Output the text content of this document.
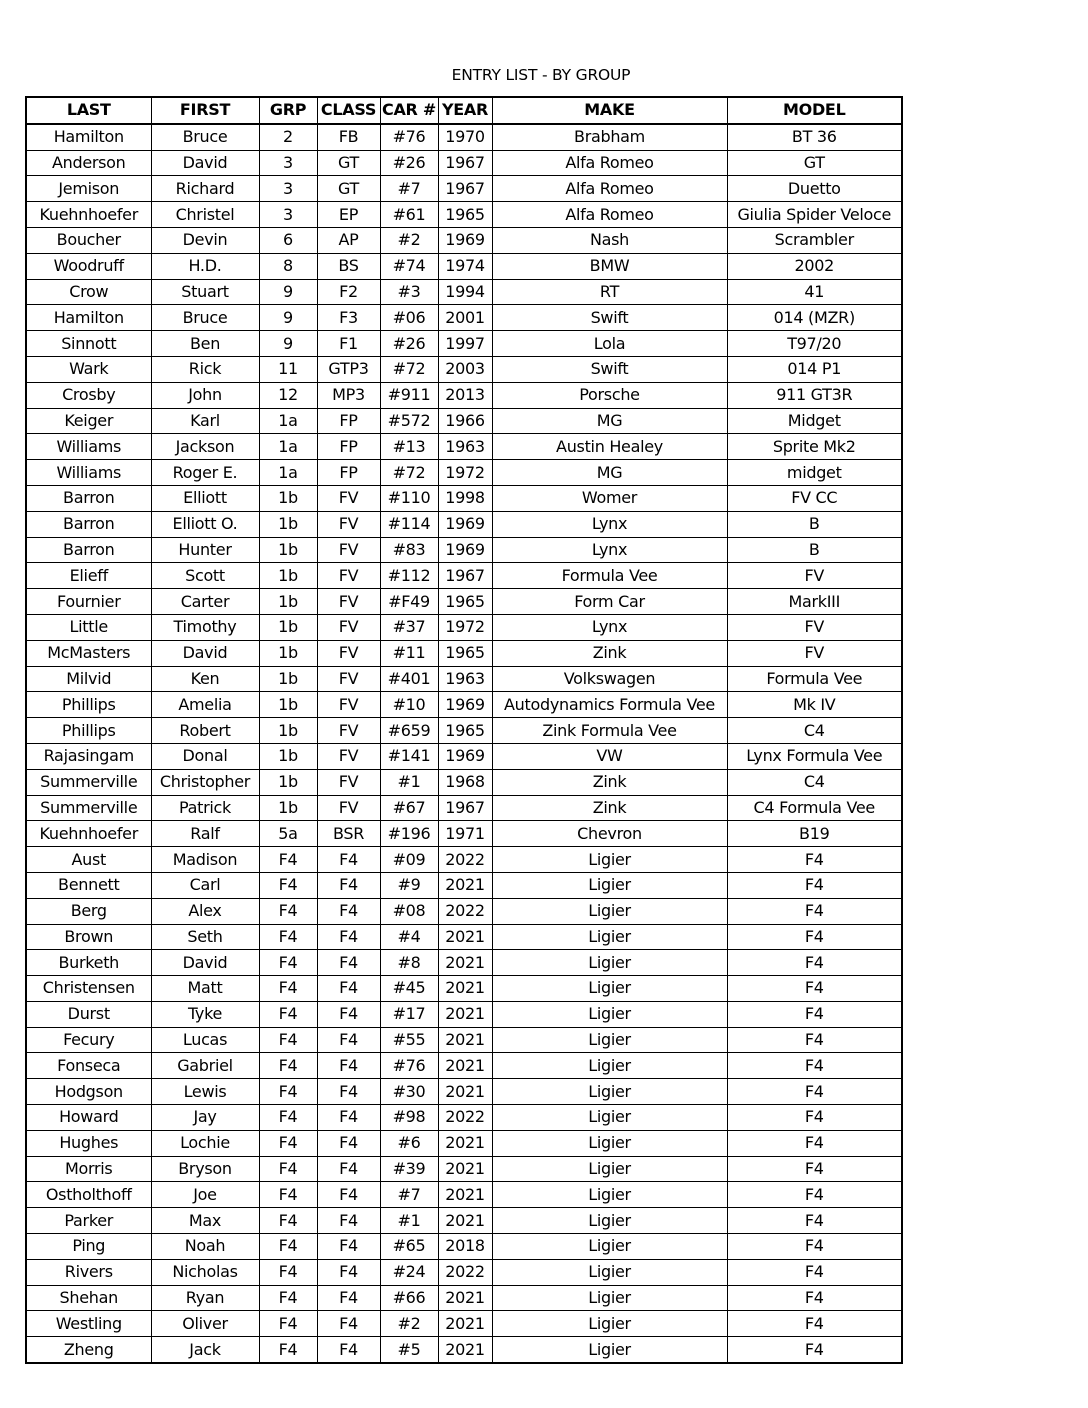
ENTRY LIST - BY GROUP
LAST	FIRST	GRP	CLASS	CAR #	YEAR	MAKE	MODEL
Hamilton	Bruce	2	FB	#76	1970	Brabham	BT 36
Anderson	David	3	GT	#26	1967	Alfa Romeo	GT
Jemison	Richard	3	GT	#7	1967	Alfa Romeo	Duetto
Kuehnhoefer	Christel	3	EP	#61	1965	Alfa Romeo	Giulia Spider Veloce
Boucher	Devin	6	AP	#2	1969	Nash	Scrambler
Woodruff	H.D.	8	BS	#74	1974	BMW	2002
Crow	Stuart	9	F2	#3	1994	RT	41
Hamilton	Bruce	9	F3	#06	2001	Swift	014 (MZR)
Sinnott	Ben	9	F1	#26	1997	Lola	T97/20
Wark	Rick	11	GTP3	#72	2003	Swift	014 P1
Crosby	John	12	MP3	#911	2013	Porsche	911 GT3R
Keiger	Karl	1a	FP	#572	1966	MG	Midget
Williams	Jackson	1a	FP	#13	1963	Austin Healey	Sprite Mk2
Williams	Roger E.	1a	FP	#72	1972	MG	midget
Barron	Elliott	1b	FV	#110	1998	Womer	FV CC
Barron	Elliott O.	1b	FV	#114	1969	Lynx	B
Barron	Hunter	1b	FV	#83	1969	Lynx	B
Elieff	Scott	1b	FV	#112	1967	Formula Vee	FV
Fournier	Carter	1b	FV	#F49	1965	Form Car	MarkIII
Little	Timothy	1b	FV	#37	1972	Lynx	FV
McMasters	David	1b	FV	#11	1965	Zink	FV
Milvid	Ken	1b	FV	#401	1963	Volkswagen	Formula Vee
Phillips	Amelia	1b	FV	#10	1969	Autodynamics Formula Vee	Mk IV
Phillips	Robert	1b	FV	#659	1965	Zink Formula Vee	C4
Rajasingam	Donal	1b	FV	#141	1969	VW	Lynx Formula Vee
Summerville	Christopher	1b	FV	#1	1968	Zink	C4
Summerville	Patrick	1b	FV	#67	1967	Zink	C4 Formula Vee
Kuehnhoefer	Ralf	5a	BSR	#196	1971	Chevron	B19
Aust	Madison	F4	F4	#09	2022	Ligier	F4
Bennett	Carl	F4	F4	#9	2021	Ligier	F4
Berg	Alex	F4	F4	#08	2022	Ligier	F4
Brown	Seth	F4	F4	#4	2021	Ligier	F4
Burketh	David	F4	F4	#8	2021	Ligier	F4
Christensen	Matt	F4	F4	#45	2021	Ligier	F4
Durst	Tyke	F4	F4	#17	2021	Ligier	F4
Fecury	Lucas	F4	F4	#55	2021	Ligier	F4
Fonseca	Gabriel	F4	F4	#76	2021	Ligier	F4
Hodgson	Lewis	F4	F4	#30	2021	Ligier	F4
Howard	Jay	F4	F4	#98	2022	Ligier	F4
Hughes	Lochie	F4	F4	#6	2021	Ligier	F4
Morris	Bryson	F4	F4	#39	2021	Ligier	F4
Ostholthoff	Joe	F4	F4	#7	2021	Ligier	F4
Parker	Max	F4	F4	#1	2021	Ligier	F4
Ping	Noah	F4	F4	#65	2018	Ligier	F4
Rivers	Nicholas	F4	F4	#24	2022	Ligier	F4
Shehan	Ryan	F4	F4	#66	2021	Ligier	F4
Westling	Oliver	F4	F4	#2	2021	Ligier	F4
Zheng	Jack	F4	F4	#5	2021	Ligier	F4
